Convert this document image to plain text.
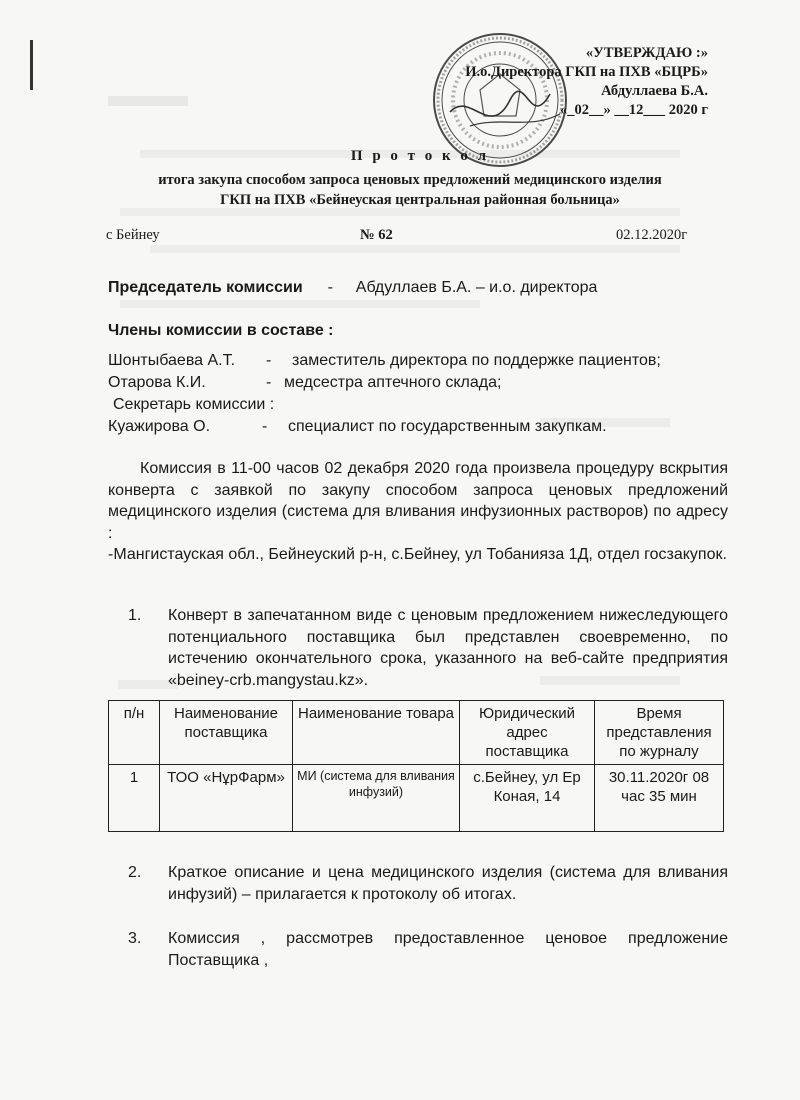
«УТВЕРЖДАЮ :»
И.о.Директора ГКП на ПХВ «БЦРБ»
Абдуллаева Б.А.
«_02__» __12___ 2020 г
П р о т о к о л
итога закупа способом запроса ценовых предложений медицинского изделия
ГКП на ПХВ «Бейнеуская центральная районная больница»
с Бейнеу	№ 62	02.12.2020г
Председатель комиссии - Абдуллаев Б.А. – и.о. директора
Члены комиссии в составе :
Шонтыбаева А.Т. - заместитель директора по поддержке пациентов;
Отарова К.И.	- медсестра аптечного склада;
Секретарь комиссии :
Куажирова О.	- специалист по государственным закупкам.
Комиссия в 11-00 часов 02 декабря 2020 года произвела процедуру вскрытия конверта с заявкой по закупу способом запроса ценовых предложений медицинского изделия (система для вливания инфузионных растворов) по адресу :
-Мангистауская обл., Бейнеуский р-н, с.Бейнеу, ул Тобанияза 1Д, отдел госзакупок.
1. Конверт в запечатанном виде с ценовым предложением нижеследующего потенциального поставщика был представлен своевременно, по истечению окончательного срока, указанного на веб-сайте предприятия «beiney-crb.mangystau.kz».
п/н	Наименование поставщика	Наименование товара	Юридический адрес поставщика	Время представления по журналу
1	ТОО «НұрФарм»	МИ (система для вливания инфузий)	с.Бейнеу, ул Ер Коная, 14	30.11.2020г 08 час 35 мин
2. Краткое описание и цена медицинского изделия (система для вливания инфузий) – прилагается к протоколу об итогах.
3. Комиссия , рассмотрев предоставленное ценовое предложение Поставщика ,
